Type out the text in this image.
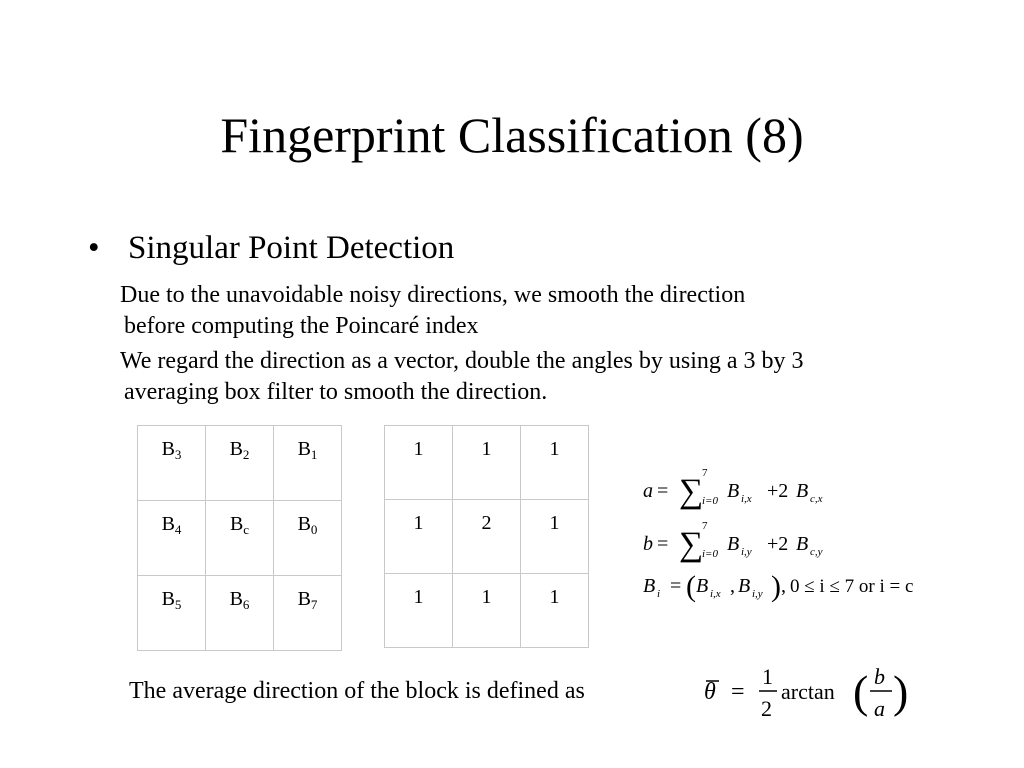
Fingerprint Classification (8)
• Singular Point Detection
Due to the unavoidable noisy directions, we smooth the direction
before computing the Poincaré index
We regard the direction as a vector, double the angles by using a 3 by 3
averaging box filter to smooth the direction.
$B_3$	$B_2$	$B_1$
$B_4$	$B_c$	$B_0$
$B_5$	$B_6$	$B_7$
1	1	1
1	2	1
1	1	1
a = ∑
7
i=0 B i,x +2 B c,x
b = ∑
7
i=0 B i,y +2 B c,y
B i = ( B i,x , B i,y ) , 0 ≤ i ≤ 7 or i = c
θ =
1
2
arctan ( b
a )
The average direction of the block is defined as
